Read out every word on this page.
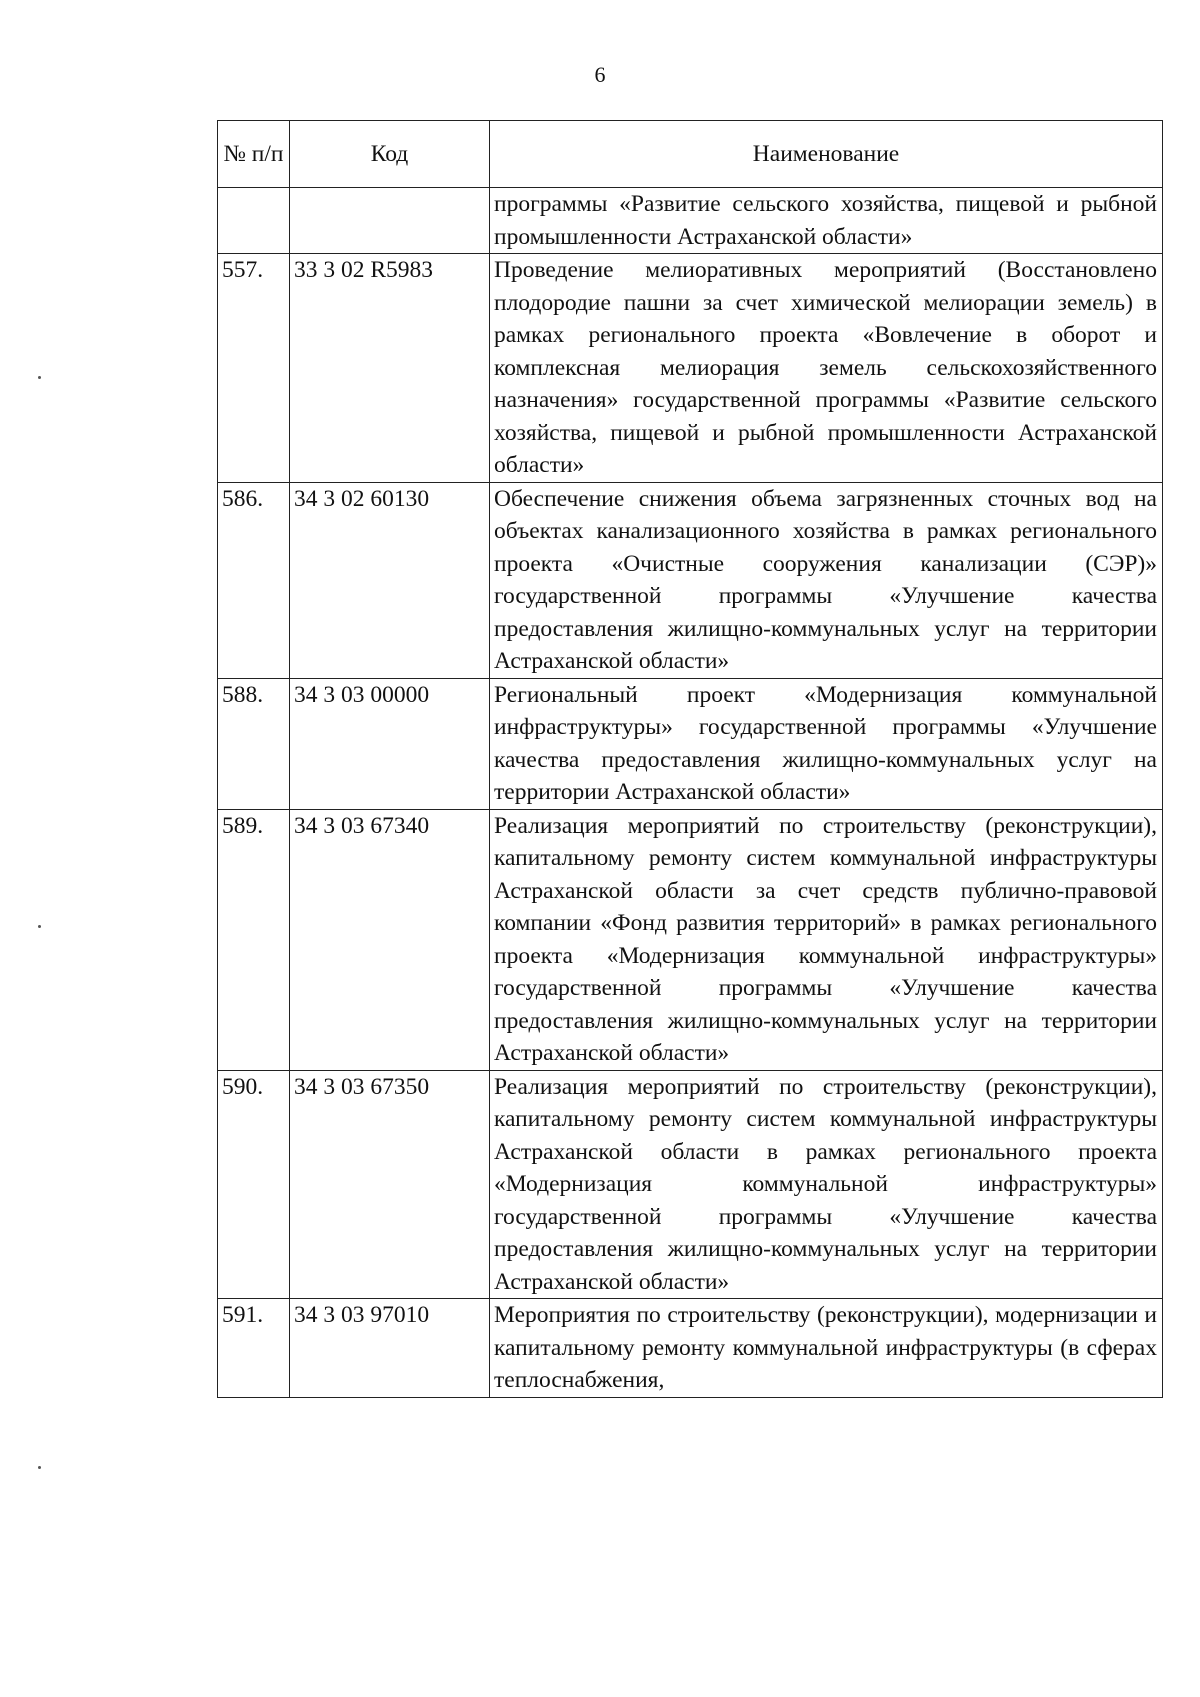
6
№ п/п	Код	Наименование
		программы «Развитие сельского хозяйства, пищевой и рыбной промышленности Астраханской области»
557.	33 3 02 R5983	Проведение мелиоративных мероприятий (Восстановлено плодородие пашни за счет химической мелиорации земель) в рамках регионального проекта «Вовлечение в оборот и комплексная мелиорация земель сельскохозяйственного назначения» государственной программы «Развитие сельского хозяйства, пищевой и рыбной промышленности Астраханской области»
586.	34 3 02 60130	Обеспечение снижения объема загрязненных сточных вод на объектах канализационного хозяйства в рамках регионального проекта «Очистные сооружения канализации (СЭР)» государственной программы «Улучшение качества предоставления жилищно-коммунальных услуг на территории Астраханской области»
588.	34 3 03 00000	Региональный проект «Модернизация коммунальной инфраструктуры» государственной программы «Улучшение качества предоставления жилищно-коммунальных услуг на территории Астраханской области»
589.	34 3 03 67340	Реализация мероприятий по строительству (реконструкции), капитальному ремонту систем коммунальной инфраструктуры Астраханской области за счет средств публично-правовой компании «Фонд развития территорий» в рамках регионального проекта «Модернизация коммунальной инфраструктуры» государственной программы «Улучшение качества предоставления жилищно-коммунальных услуг на территории Астраханской области»
590.	34 3 03 67350	Реализация мероприятий по строительству (реконструкции), капитальному ремонту систем коммунальной инфраструктуры Астраханской области в рамках регионального проекта «Модернизация коммунальной инфраструктуры» государственной программы «Улучшение качества предоставления жилищно-коммунальных услуг на территории Астраханской области»
591.	34 3 03 97010	Мероприятия по строительству (реконструкции), модернизации и капитальному ремонту коммунальной инфраструктуры (в сферах теплоснабжения,
